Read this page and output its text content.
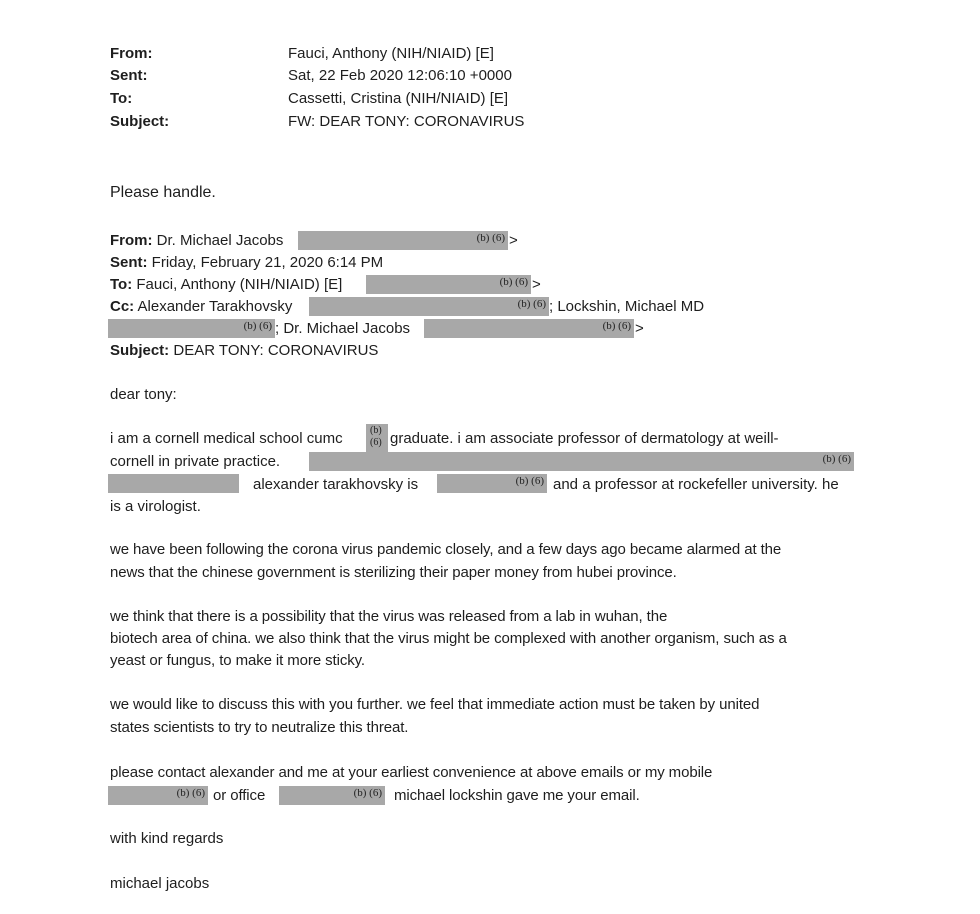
From:	Fauci, Anthony (NIH/NIAID) [E]
Sent:	Sat, 22 Feb 2020 12:06:10 +0000
To:	Cassetti, Cristina (NIH/NIAID) [E]
Subject:	FW: DEAR TONY: CORONAVIRUS
Please handle.
From: Dr. Michael Jacobs	(b) (6) >
Sent: Friday, February 21, 2020 6:14 PM
To: Fauci, Anthony (NIH/NIAID) [E]	(b) (6) >
Cc: Alexander Tarakhovsky	(b) (6) ; Lockshin, Michael MD
(b) (6) ; Dr. Michael Jacobs	(b) (6) >
Subject: DEAR TONY: CORONAVIRUS
dear tony:
i am a cornell medical school cumc	(b)
(6) graduate. i am associate professor of dermatology at weill-
cornell in private practice.	(b) (6)
alexander tarakhovsky is	(b) (6) and a professor at rockefeller university. he
is a virologist.
we have been following the corona virus pandemic closely, and a few days ago became alarmed at the
news that the chinese government is sterilizing their paper money from hubei province.
we think that there is a possibility that the virus was released from a lab in wuhan, the
biotech area of china. we also think that the virus might be complexed with another organism, such as a
yeast or fungus, to make it more sticky.
we would like to discuss this with you further. we feel that immediate action must be taken by united
states scientists to try to neutralize this threat.
please contact alexander and me at your earliest convenience at above emails or my mobile
(b) (6) or office	(b) (6) michael lockshin gave me your email.
with kind regards
michael jacobs
